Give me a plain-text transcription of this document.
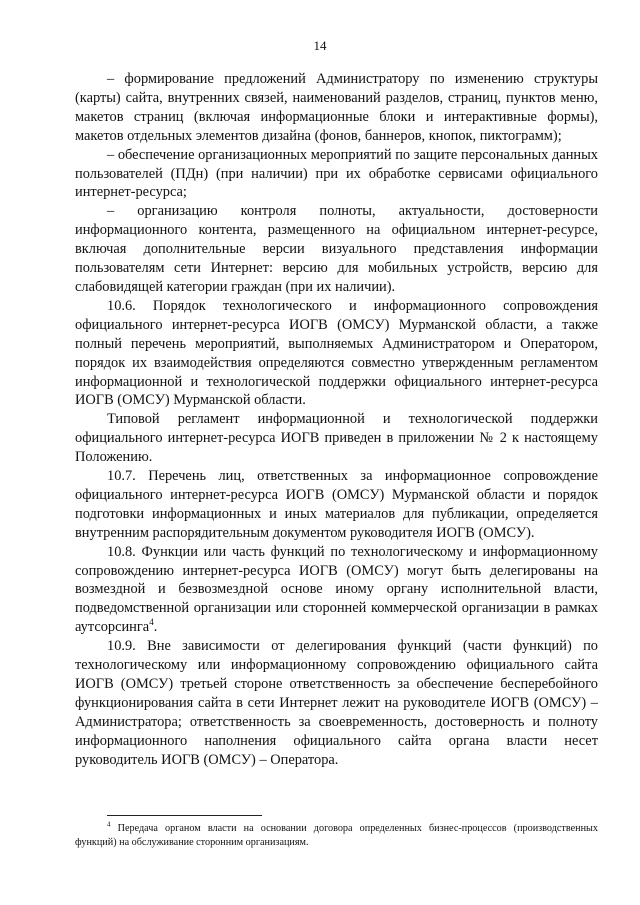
14

– формирование предложений Администратору по изменению структуры (карты) сайта, внутренних связей, наименований разделов, страниц, пунктов меню, макетов страниц (включая информационные блоки и интерактивные формы), макетов отдельных элементов дизайна (фонов, баннеров, кнопок, пиктограмм);

– обеспечение организационных мероприятий по защите персональных данных пользователей (ПДн) (при наличии) при их обработке сервисами официального интернет-ресурса;

– организацию контроля полноты, актуальности, достоверности информационного контента, размещенного на официальном интернет-ресурсе, включая дополнительные версии визуального представления информации пользователям сети Интернет: версию для мобильных устройств, версию для слабовидящей категории граждан (при их наличии).

10.6. Порядок технологического и информационного сопровождения официального интернет-ресурса ИОГВ (ОМСУ) Мурманской области, а также полный перечень мероприятий, выполняемых Администратором и Оператором, порядок их взаимодействия определяются совместно утвержденным регламентом информационной и технологической поддержки официального интернет-ресурса ИОГВ (ОМСУ) Мурманской области.

Типовой регламент информационной и технологической поддержки официального интернет-ресурса ИОГВ приведен в приложении № 2 к настоящему Положению.

10.7. Перечень лиц, ответственных за информационное сопровождение официального интернет-ресурса ИОГВ (ОМСУ) Мурманской области и порядок подготовки информационных и иных материалов для публикации, определяется внутренним распорядительным документом руководителя ИОГВ (ОМСУ).

10.8. Функции или часть функций по технологическому и информационному сопровождению интернет-ресурса ИОГВ (ОМСУ) могут быть делегированы на возмездной и безвозмездной основе иному органу исполнительной власти, подведомственной организации или сторонней коммерческой организации в рамках аутсорсинга$^4$.

10.9. Вне зависимости от делегирования функций (части функций) по технологическому или информационному сопровождению официального сайта ИОГВ (ОМСУ) третьей стороне ответственность за обеспечение бесперебойного функционирования сайта в сети Интернет лежит на руководителе ИОГВ (ОМСУ) – Администратора; ответственность за своевременность, достоверность и полноту информационного наполнения официального сайта органа власти несет руководитель ИОГВ (ОМСУ) – Оператора.

$^4$ Передача органом власти на основании договора определенных бизнес-процессов (производственных функций) на обслуживание сторонним организациям.
